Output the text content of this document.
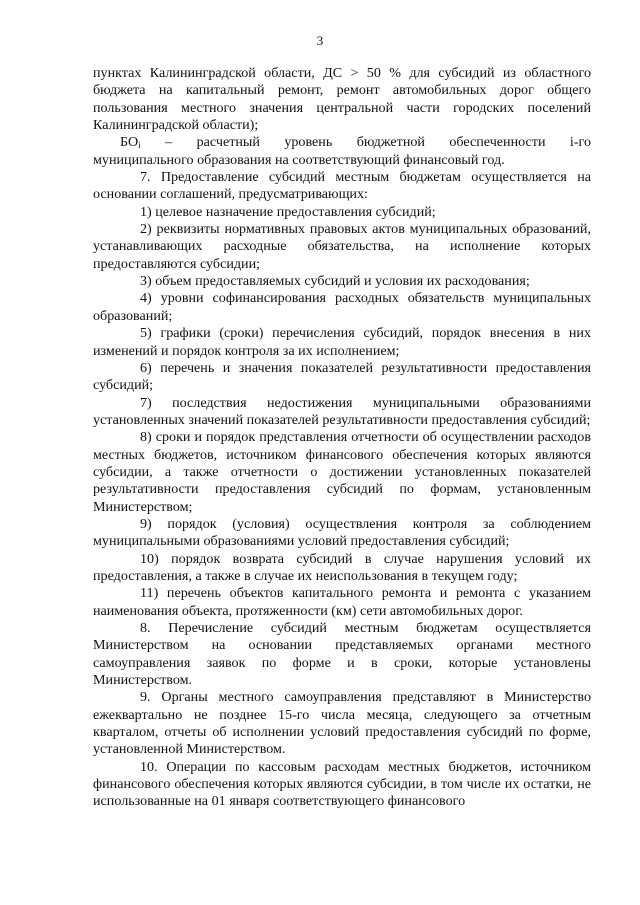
3

пунктах Калининградской области, ДС > 50 % для субсидий из областного бюджета на капитальный ремонт, ремонт автомобильных дорог общего пользования местного значения центральной части городских поселений Калининградской области);

$БО_i$ – расчетный уровень бюджетной обеспеченности i-го

муниципального образования на соответствующий финансовый год.

7. Предоставление субсидий местным бюджетам осуществляется на основании соглашений, предусматривающих:

1) целевое назначение предоставления субсидий;

2) реквизиты нормативных правовых актов муниципальных образований, устанавливающих расходные обязательства, на исполнение которых предоставляются субсидии;

3) объем предоставляемых субсидий и условия их расходования;

4) уровни софинансирования расходных обязательств муниципальных образований;

5) графики (сроки) перечисления субсидий, порядок внесения в них изменений и порядок контроля за их исполнением;

6) перечень и значения показателей результативности предоставления субсидий;

7) последствия недостижения муниципальными образованиями установленных значений показателей результативности предоставления субсидий;

8) сроки и порядок представления отчетности об осуществлении расходов местных бюджетов, источником финансового обеспечения которых являются субсидии, а также отчетности о достижении установленных показателей результативности предоставления субсидий по формам, установленным Министерством;

9) порядок (условия) осуществления контроля за соблюдением муниципальными образованиями условий предоставления субсидий;

10) порядок возврата субсидий в случае нарушения условий их предоставления, а также в случае их неиспользования в текущем году;

11) перечень объектов капитального ремонта и ремонта с указанием наименования объекта, протяженности (км) сети автомобильных дорог.

8. Перечисление субсидий местным бюджетам осуществляется Министерством на основании представляемых органами местного самоуправления заявок по форме и в сроки, которые установлены Министерством.

9. Органы местного самоуправления представляют в Министерство ежеквартально не позднее 15-го числа месяца, следующего за отчетным кварталом, отчеты об исполнении условий предоставления субсидий по форме, установленной Министерством.

10. Операции по кассовым расходам местных бюджетов, источником финансового обеспечения которых являются субсидии, в том числе их остатки, не использованные на 01 января соответствующего финансового
